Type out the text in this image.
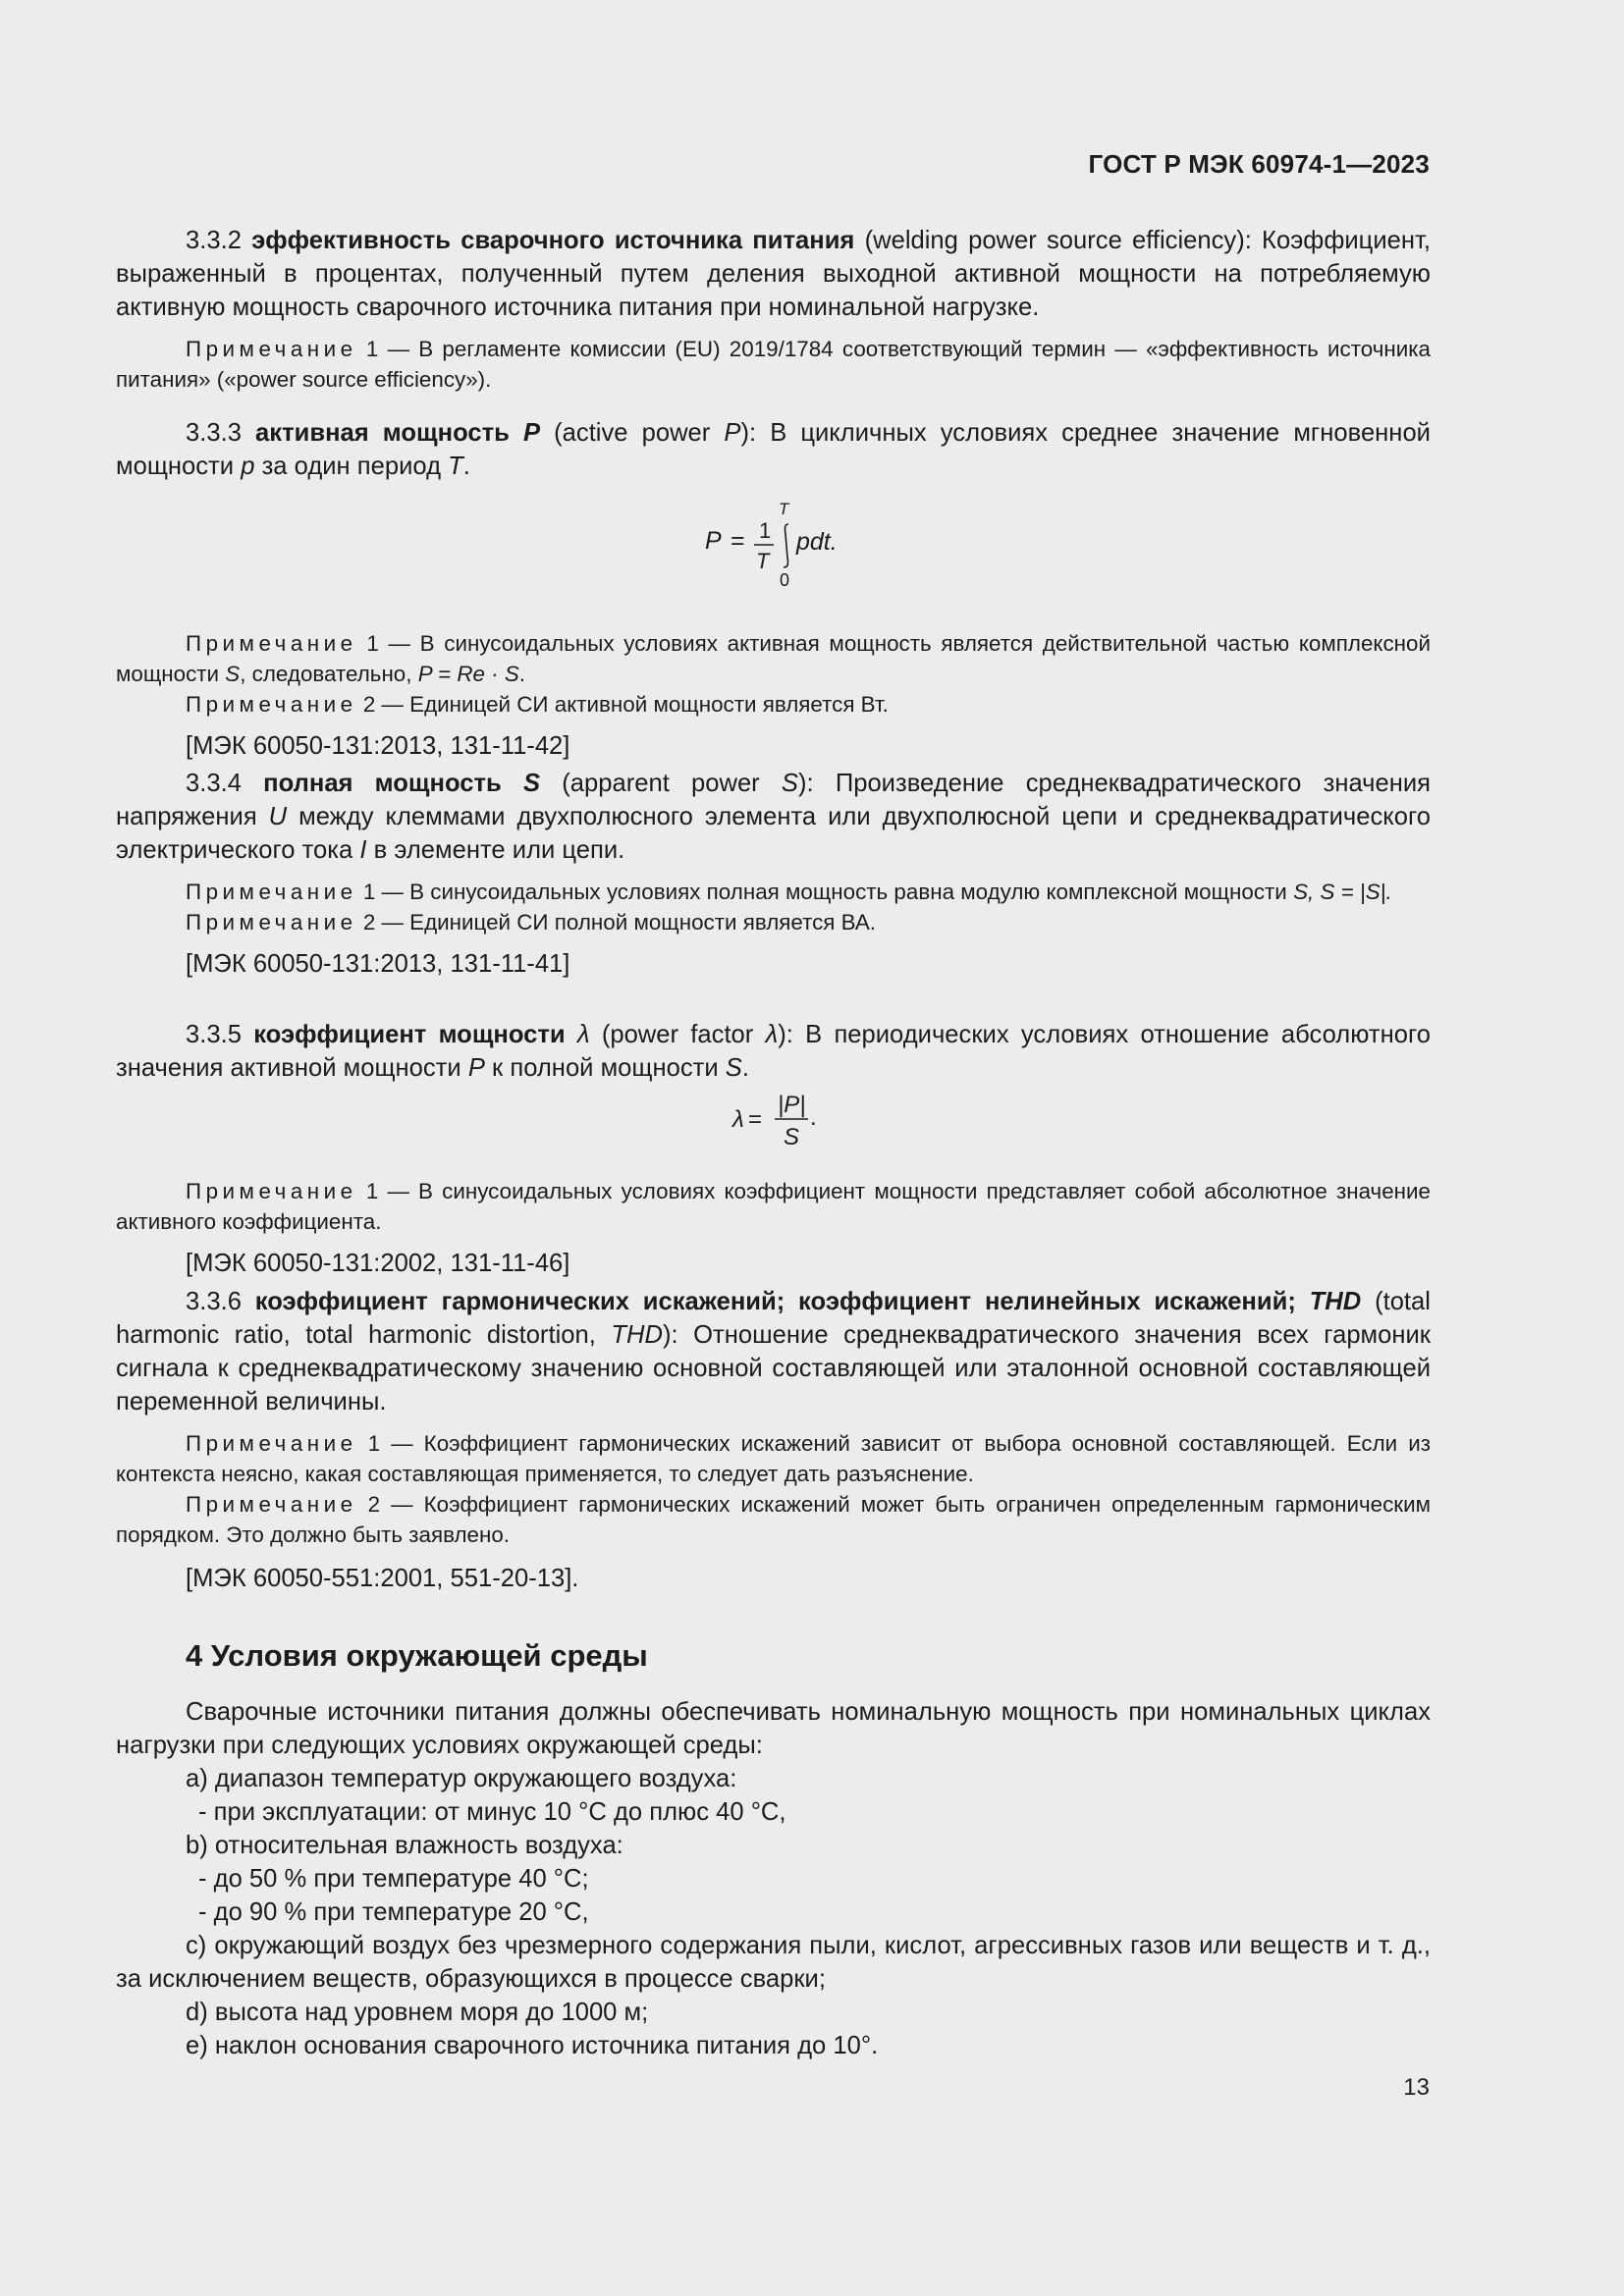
ГОСТ Р МЭК 60974-1—2023

3.3.2 эффективность сварочного источника питания (welding power source efficiency): Коэффициент, выраженный в процентах, полученный путем деления выходной активной мощности на потребляемую активную мощность сварочного источника питания при номинальной нагрузке.

Примечание 1 — В регламенте комиссии (EU) 2019/1784 соответствующий термин — «эффективность источника питания» («power source efficiency»).

3.3.3 активная мощность P (active power P): В цикличных условиях среднее значение мгновенной мощности p за один период T.

P = 1
T
T
0
pdt.

Примечание 1 — В синусоидальных условиях активная мощность является действительной частью комплексной мощности S, следовательно, P = Re · S.

Примечание 2 — Единицей СИ активной мощности является Вт.

[МЭК 60050-131:2013, 131-11-42]

3.3.4 полная мощность S (apparent power S): Произведение среднеквадратического значения напряжения U между клеммами двухполюсного элемента или двухполюсной цепи и среднеквадратического электрического тока I в элементе или цепи.

Примечание 1 — В синусоидальных условиях полная мощность равна модулю комплексной мощности S, S = |S|.

Примечание 2 — Единицей СИ полной мощности является ВА.

[МЭК 60050-131:2013, 131-11-41]

3.3.5 коэффициент мощности λ (power factor λ): В периодических условиях отношение абсолютного значения активной мощности P к полной мощности S.

λ =
|P|
S
.

Примечание 1 — В синусоидальных условиях коэффициент мощности представляет собой абсолютное значение активного коэффициента.

[МЭК 60050-131:2002, 131-11-46]

3.3.6 коэффициент гармонических искажений; коэффициент нелинейных искажений; THD (total harmonic ratio, total harmonic distortion, THD): Отношение среднеквадратического значения всех гармоник сигнала к среднеквадратическому значению основной составляющей или эталонной основной составляющей переменной величины.

Примечание 1 — Коэффициент гармонических искажений зависит от выбора основной составляющей. Если из контекста неясно, какая составляющая применяется, то следует дать разъяснение.

Примечание 2 — Коэффициент гармонических искажений может быть ограничен определенным гармоническим порядком. Это должно быть заявлено.

[МЭК 60050-551:2001, 551-20-13].

4 Условия окружающей среды

Сварочные источники питания должны обеспечивать номинальную мощность при номинальных циклах нагрузки при следующих условиях окружающей среды:

a) диапазон температур окружающего воздуха:

- при эксплуатации: от минус 10 °С до плюс 40 °С,

b) относительная влажность воздуха:

- до 50 % при температуре 40 °С;

- до 90 % при температуре 20 °С,

c) окружающий воздух без чрезмерного содержания пыли, кислот, агрессивных газов или веществ и т. д., за исключением веществ, образующихся в процессе сварки;

d) высота над уровнем моря до 1000 м;

e) наклон основания сварочного источника питания до 10°.

13
